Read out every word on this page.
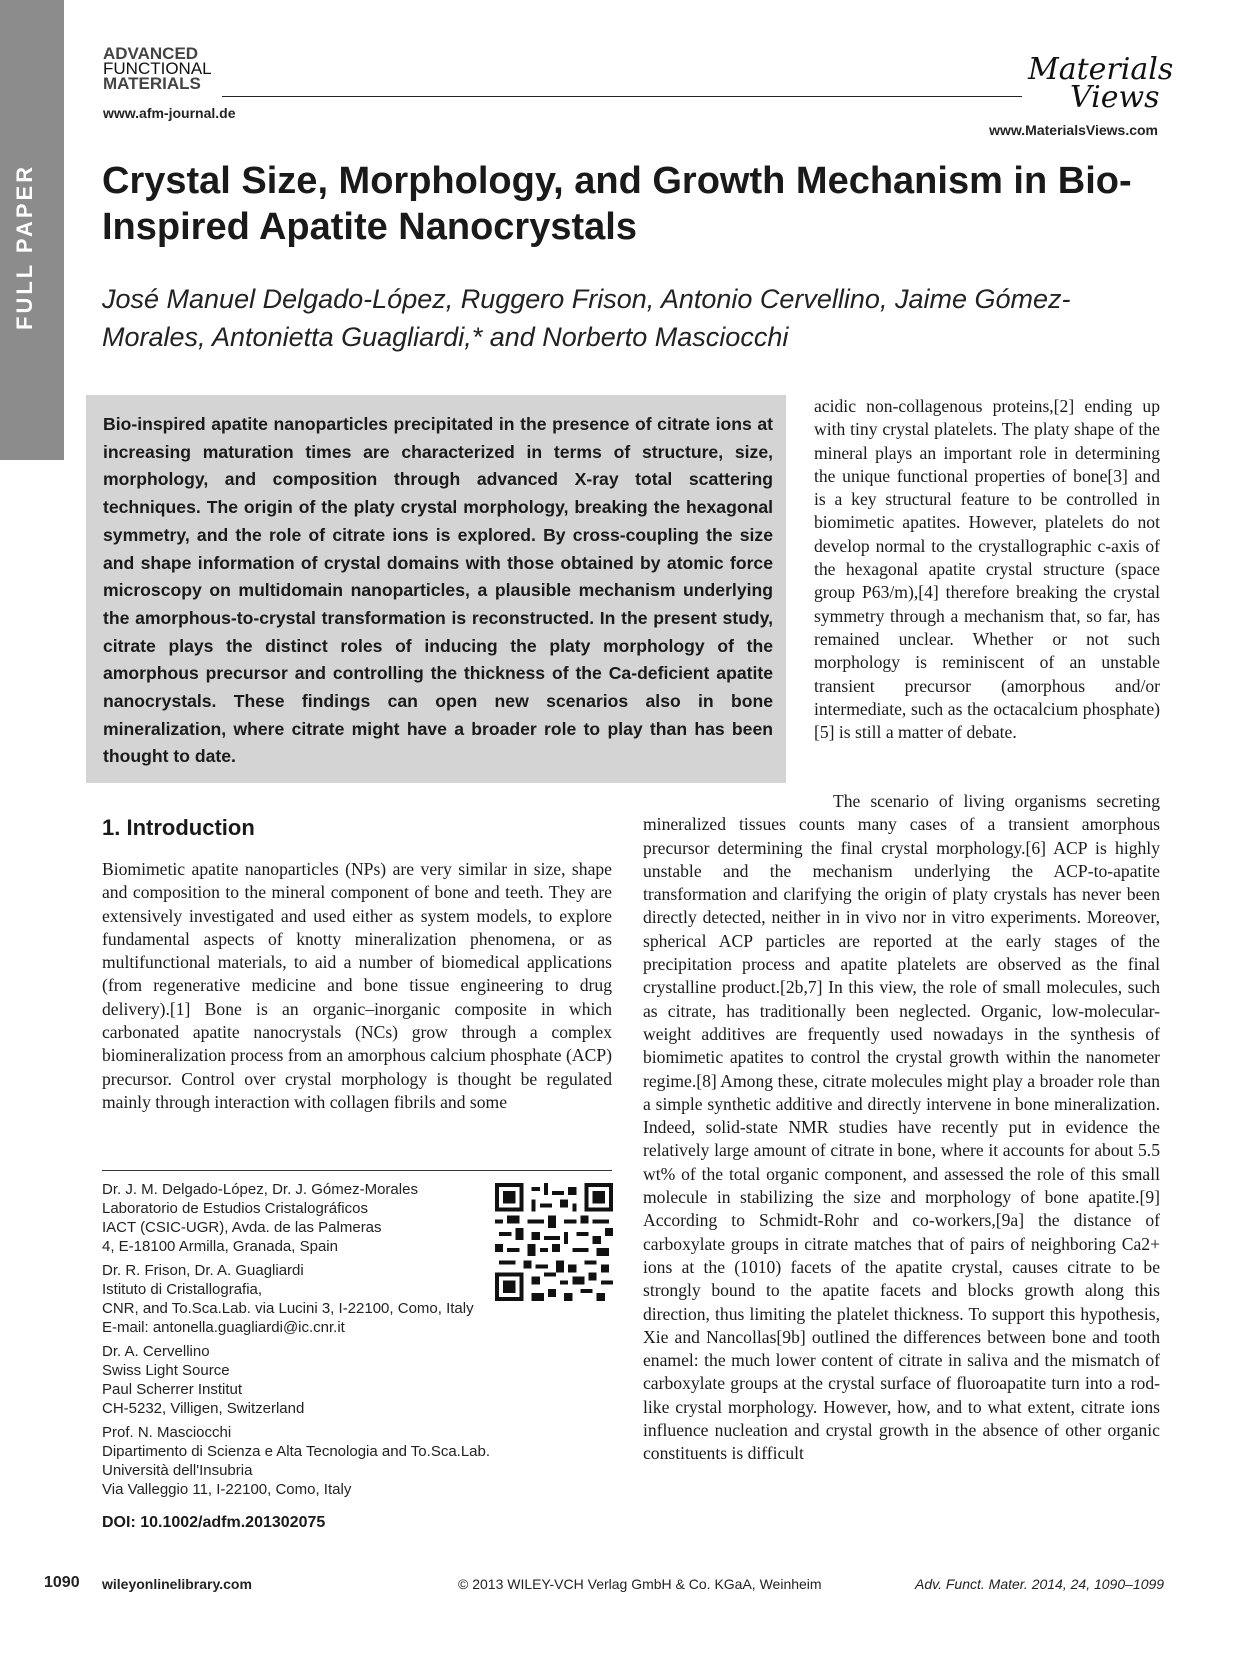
FULL PAPER
ADVANCED
FUNCTIONAL
MATERIALS
www.afm-journal.de
Materials
Views
www.MaterialsViews.com
Crystal Size, Morphology, and Growth Mechanism in Bio-Inspired Apatite Nanocrystals

José Manuel Delgado-López, Ruggero Frison, Antonio Cervellino, Jaime Gómez-Morales, Antonietta Guagliardi,* and Norberto Masciocchi

Bio-inspired apatite nanoparticles precipitated in the presence of citrate ions at increasing maturation times are characterized in terms of structure, size, morphology, and composition through advanced X-ray total scattering techniques. The origin of the platy crystal morphology, breaking the hexagonal symmetry, and the role of citrate ions is explored. By cross-coupling the size and shape information of crystal domains with those obtained by atomic force microscopy on multidomain nanoparticles, a plausible mechanism underlying the amorphous-to-crystal transformation is reconstructed. In the present study, citrate plays the distinct roles of inducing the platy morphology of the amorphous precursor and controlling the thickness of the Ca-deficient apatite nanocrystals. These findings can open new scenarios also in bone mineralization, where citrate might have a broader role to play than has been thought to date.

acidic non-collagenous proteins,[2] ending up with tiny crystal platelets. The platy shape of the mineral plays an important role in determining the unique functional properties of bone[3] and is a key structural feature to be controlled in biomimetic apatites. However, platelets do not develop normal to the crystallographic c-axis of the hexagonal apatite crystal structure (space group P63/m),[4] therefore breaking the crystal symmetry through a mechanism that, so far, has remained unclear. Whether or not such morphology is reminiscent of an unstable transient precursor (amorphous and/or intermediate, such as the octacalcium phosphate)[5] is still a matter of debate.

1. Introduction

Biomimetic apatite nanoparticles (NPs) are very similar in size, shape and composition to the mineral component of bone and teeth. They are extensively investigated and used either as system models, to explore fundamental aspects of knotty mineralization phenomena, or as multifunctional materials, to aid a number of biomedical applications (from regenerative medicine and bone tissue engineering to drug delivery).[1] Bone is an organic–inorganic composite in which carbonated apatite nanocrystals (NCs) grow through a complex biomineralization process from an amorphous calcium phosphate (ACP) precursor. Control over crystal morphology is thought be regulated mainly through interaction with collagen fibrils and some

The scenario of living organisms secreting mineralized tissues counts many cases of a transient amorphous precursor determining the final crystal morphology.[6] ACP is highly unstable and the mechanism underlying the ACP-to-apatite transformation and clarifying the origin of platy crystals has never been directly detected, neither in in vivo nor in vitro experiments. Moreover, spherical ACP particles are reported at the early stages of the precipitation process and apatite platelets are observed as the final crystalline product.[2b,7] In this view, the role of small molecules, such as citrate, has traditionally been neglected. Organic, low-molecular-weight additives are frequently used nowadays in the synthesis of biomimetic apatites to control the crystal growth within the nanometer regime.[8] Among these, citrate molecules might play a broader role than a simple synthetic additive and directly intervene in bone mineralization. Indeed, solid-state NMR studies have recently put in evidence the relatively large amount of citrate in bone, where it accounts for about 5.5 wt% of the total organic component, and assessed the role of this small molecule in stabilizing the size and morphology of bone apatite.[9] According to Schmidt-Rohr and co-workers,[9a] the distance of carboxylate groups in citrate matches that of pairs of neighboring Ca2+ ions at the (1010) facets of the apatite crystal, causes citrate to be strongly bound to the apatite facets and blocks growth along this direction, thus limiting the platelet thickness. To support this hypothesis, Xie and Nancollas[9b] outlined the differences between bone and tooth enamel: the much lower content of citrate in saliva and the mismatch of carboxylate groups at the crystal surface of fluoroapatite turn into a rod-like crystal morphology. However, how, and to what extent, citrate ions influence nucleation and crystal growth in the absence of other organic constituents is difficult

Dr. J. M. Delgado-López, Dr. J. Gómez-Morales
Laboratorio de Estudios Cristalográficos
IACT (CSIC-UGR), Avda. de las Palmeras
4, E-18100 Armilla, Granada, Spain

Dr. R. Frison, Dr. A. Guagliardi
Istituto di Cristallografia,
CNR, and To.Sca.Lab. via Lucini 3, I-22100, Como, Italy
E-mail: antonella.guagliardi@ic.cnr.it

Dr. A. Cervellino
Swiss Light Source
Paul Scherrer Institut
CH-5232, Villigen, Switzerland

Prof. N. Masciocchi
Dipartimento di Scienza e Alta Tecnologia and To.Sca.Lab.
Università dell'Insubria
Via Valleggio 11, I-22100, Como, Italy

DOI: 10.1002/adfm.201302075
1090 wileyonlinelibrary.com	© 2013 WILEY-VCH Verlag GmbH & Co. KGaA, Weinheim	Adv. Funct. Mater. 2014, 24, 1090–1099
